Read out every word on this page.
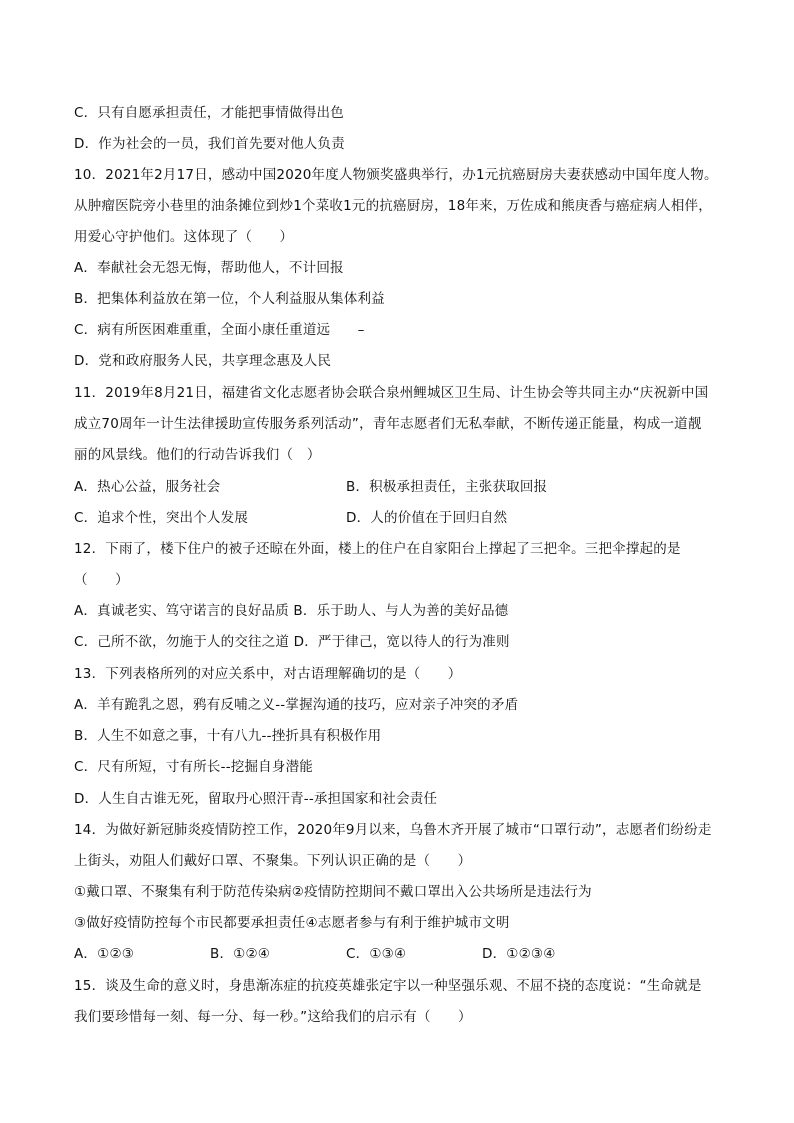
C．只有自愿承担责任，才能把事情做得出色
D．作为社会的一员，我们首先要对他人负责
10．2021年2月17日，感动中国2020年度人物颁奖盛典举行，办1元抗癌厨房夫妻获感动中国年度人物。
从肿瘤医院旁小巷里的油条摊位到炒1个菜收1元的抗癌厨房，18年来，万佐成和熊庚香与癌症病人相伴，
用爱心守护他们。这体现了（　　）
A．奉献社会无怨无悔，帮助他人，不计回报
B．把集体利益放在第一位，个人利益服从集体利益
C．病有所医困难重重，全面小康任重道远　　–
D．党和政府服务人民，共享理念惠及人民
11．2019年8月21日，福建省文化志愿者协会联合泉州鲤城区卫生局、计生协会等共同主办“庆祝新中国
成立70周年一计生法律援助宣传服务系列活动”，青年志愿者们无私奉献，不断传递正能量，构成一道靓
丽的风景线。他们的行动告诉我们（　）
A．热心公益，服务社会	B．积极承担责任，主张获取回报
C．追求个性，突出个人发展	D．人的价值在于回归自然
12．下雨了，楼下住户的被子还晾在外面，楼上的住户在自家阳台上撑起了三把伞。三把伞撑起的是
（　　）
A．真诚老实、笃守诺言的良好品质 B．乐于助人、与人为善的美好品德
C．己所不欲，勿施于人的交往之道 D．严于律己，宽以待人的行为准则
13．下列表格所列的对应关系中，对古语理解确切的是（　　）
A．羊有跪乳之恩，鸦有反哺之义--掌握沟通的技巧，应对亲子冲突的矛盾
B．人生不如意之事，十有八九--挫折具有积极作用
C．尺有所短，寸有所长--挖掘自身潜能
D．人生自古谁无死，留取丹心照汗青--承担国家和社会责任
14．为做好新冠肺炎疫情防控工作，2020年9月以来，乌鲁木齐开展了城市“口罩行动”，志愿者们纷纷走
上街头，劝阻人们戴好口罩、不聚集。下列认识正确的是（　　）
①戴口罩、不聚集有利于防范传染病②疫情防控期间不戴口罩出入公共场所是违法行为
③做好疫情防控每个市民都要承担责任④志愿者参与有利于维护城市文明
A．①②③	B．①②④	C．①③④	D．①②③④
15．谈及生命的意义时，身患渐冻症的抗疫英雄张定宇以一种坚强乐观、不屈不挠的态度说：“生命就是
我们要珍惜每一刻、每一分、每一秒。”这给我们的启示有（　　）
